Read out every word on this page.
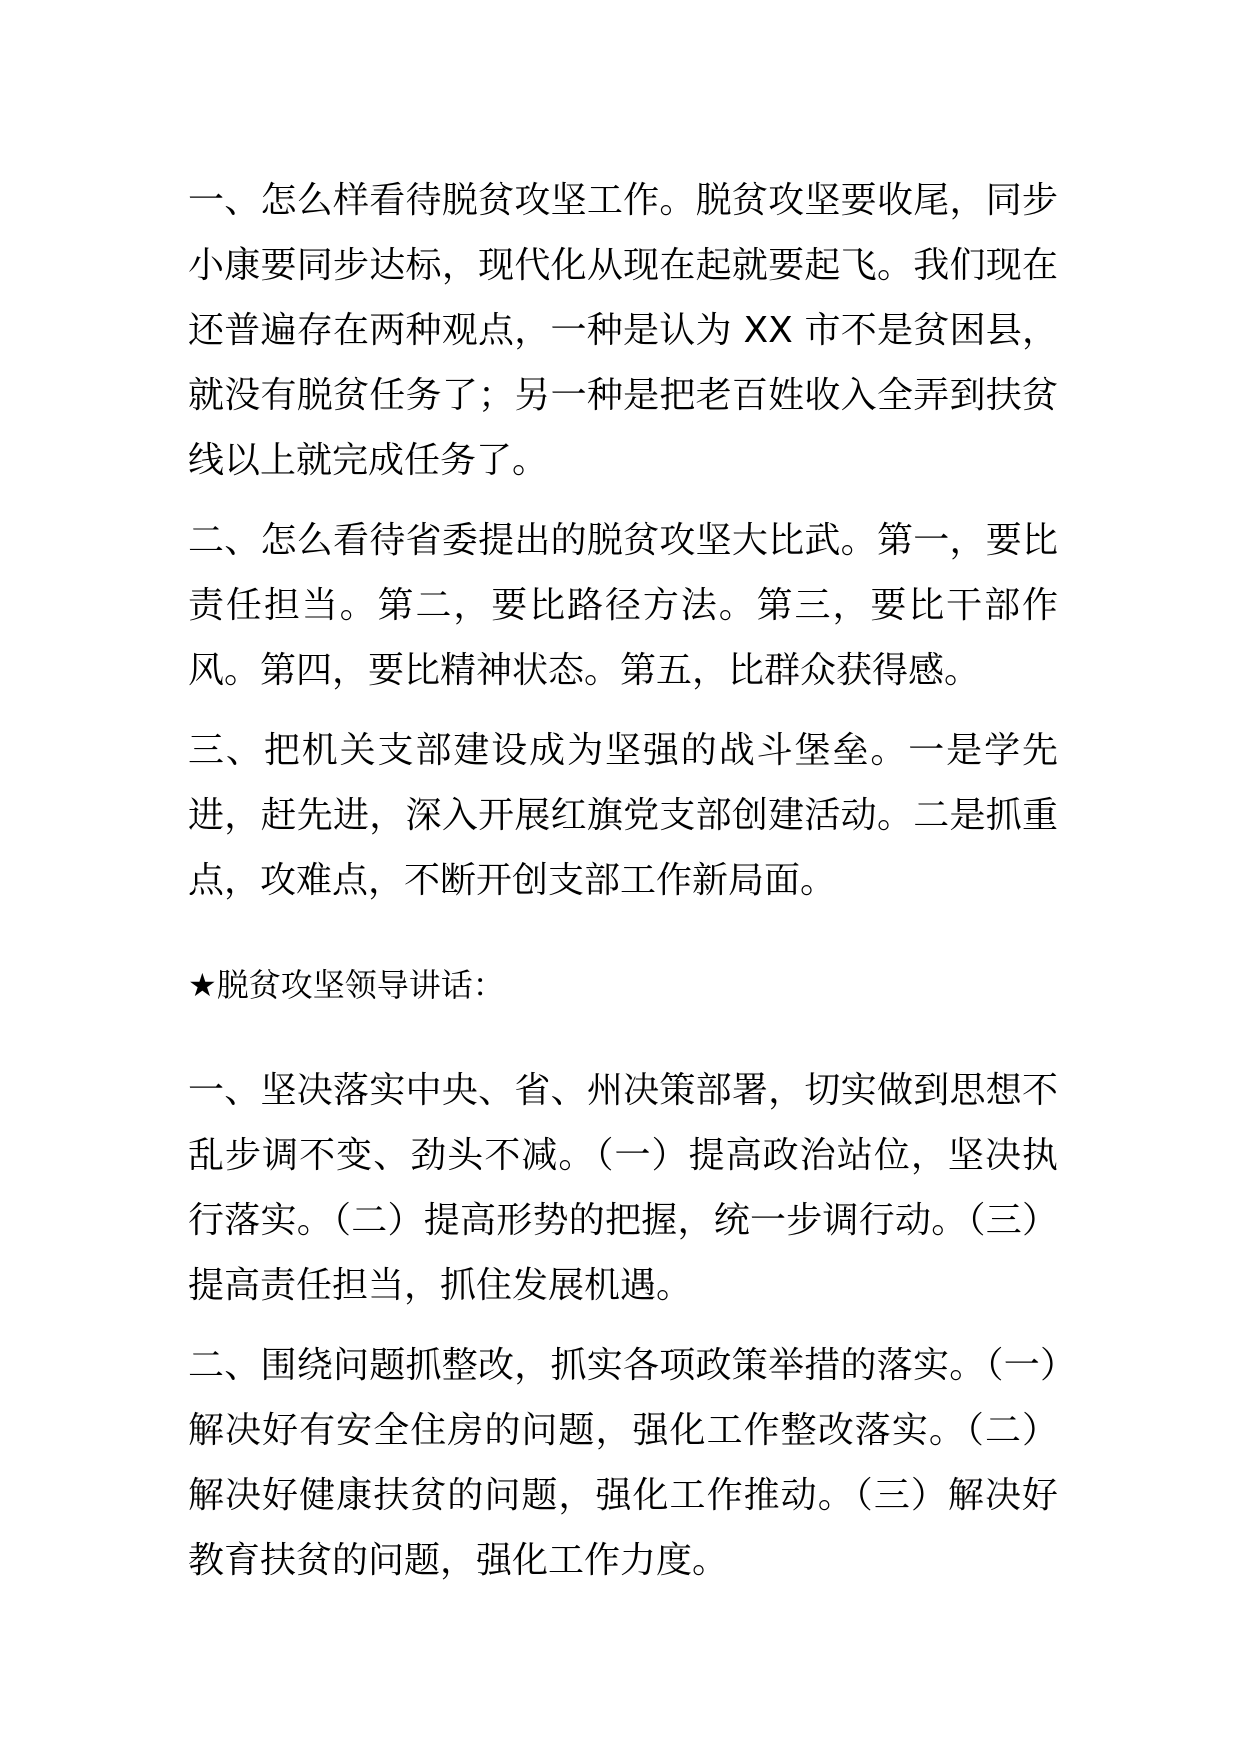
一、怎么样看待脱贫攻坚工作。脱贫攻坚要收尾，同步小康要同步达标，现代化从现在起就要起飞。我们现在还普遍存在两种观点，一种是认为 XX 市不是贫困县，就没有脱贫任务了；另一种是把老百姓收入全弄到扶贫线以上就完成任务了。

二、怎么看待省委提出的脱贫攻坚大比武。第一，要比责任担当。第二，要比路径方法。第三，要比干部作风。第四，要比精神状态。第五，比群众获得感。

三、把机关支部建设成为坚强的战斗堡垒。一是学先进，赶先进，深入开展红旗党支部创建活动。二是抓重点，攻难点，不断开创支部工作新局面。

★脱贫攻坚领导讲话：

一、坚决落实中央、省、州决策部署，切实做到思想不乱步调不变、劲头不减。（一）提高政治站位，坚决执行落实。（二）提高形势的把握，统一步调行动。（三）提高责任担当，抓住发展机遇。

二、围绕问题抓整改，抓实各项政策举措的落实。（一）解决好有安全住房的问题，强化工作整改落实。（二）解决好健康扶贫的问题，强化工作推动。（三）解决好教育扶贫的问题，强化工作力度。
